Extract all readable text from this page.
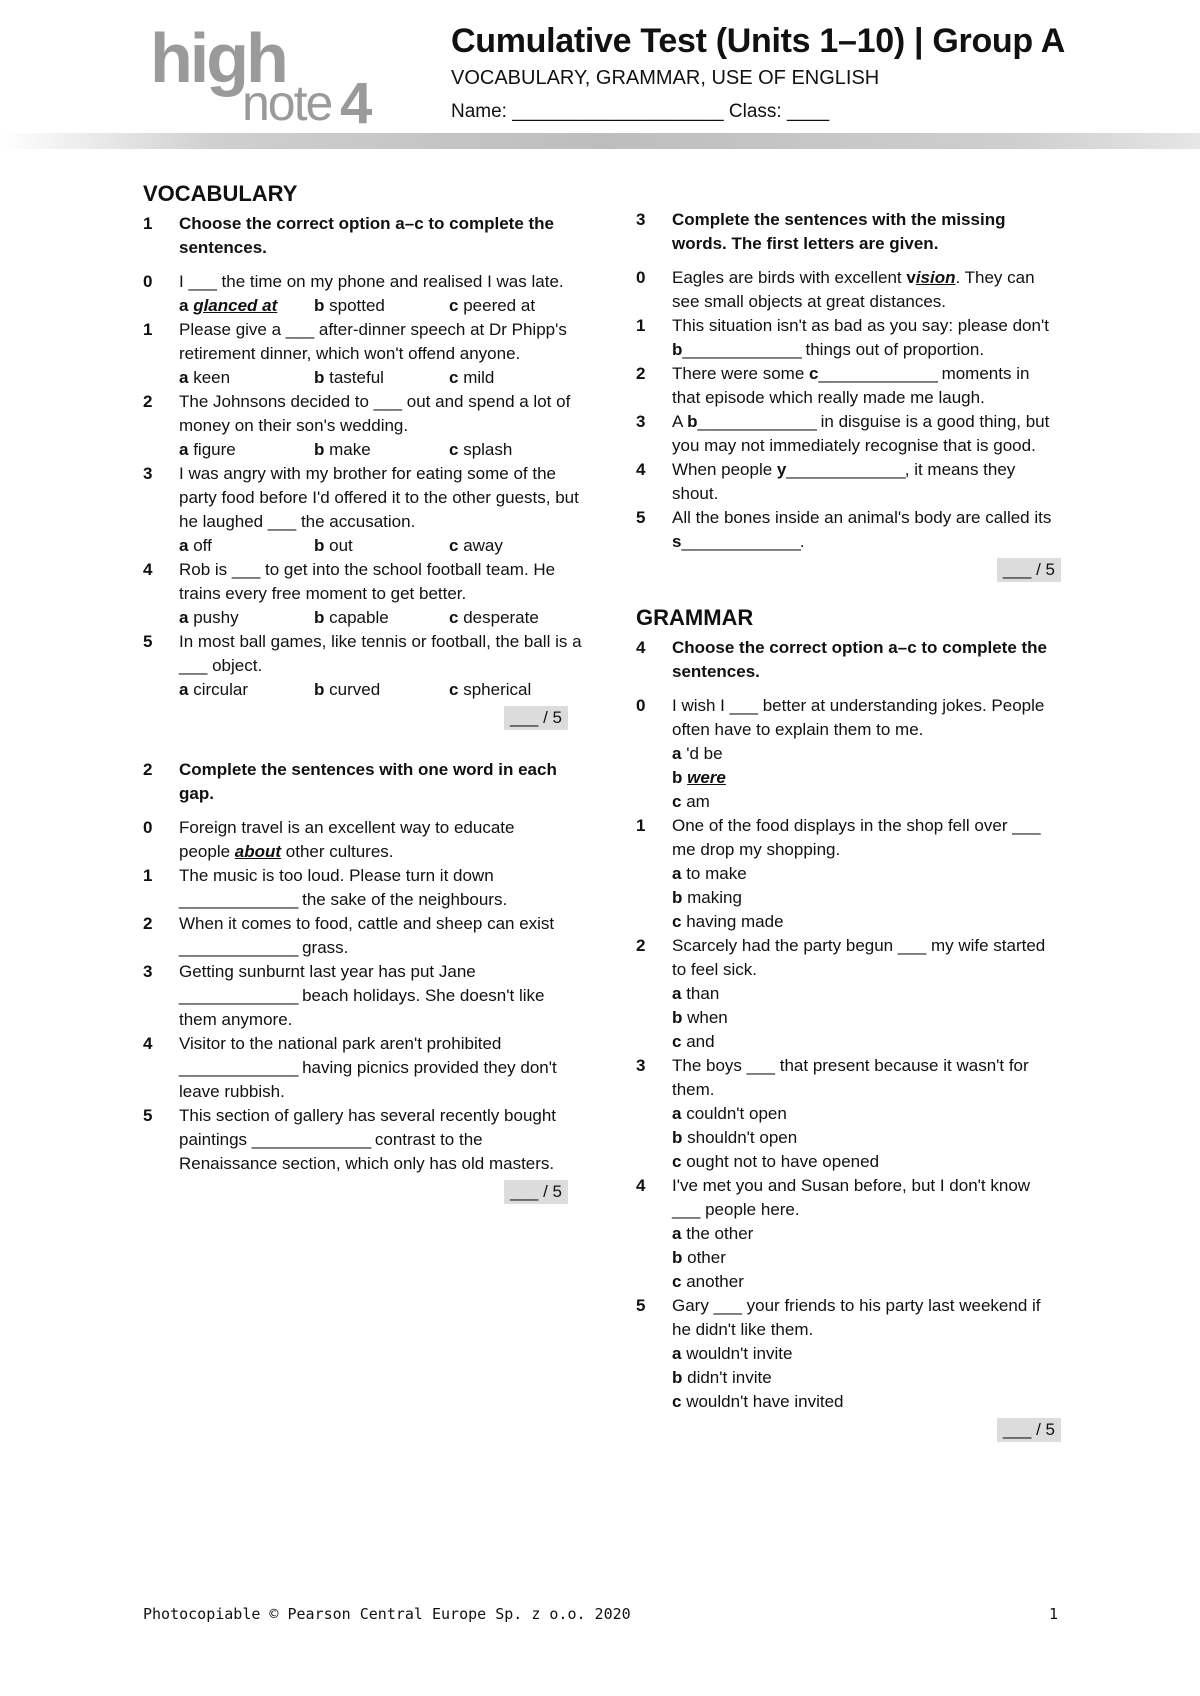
high
note 4
Cumulative Test (Units 1–10) | Group A
VOCABULARY, GRAMMAR, USE OF ENGLISH
Name: ____________________ Class: ____
VOCABULARY
1	Choose the correct option a–c to complete the sentences.
0	I ___ the time on my phone and realised I was late.
a glanced at	b spotted	c peered at
1	Please give a ___ after-dinner speech at Dr Phipp's retirement dinner, which won't offend anyone.
a keen	b tasteful	c mild
2	The Johnsons decided to ___ out and spend a lot of money on their son's wedding.
a figure	b make	c splash
3	I was angry with my brother for eating some of the party food before I'd offered it to the other guests, but he laughed ___ the accusation.
a off	b out	c away
4	Rob is ___ to get into the school football team. He trains every free moment to get better.
a pushy	b capable	c desperate
5	In most ball games, like tennis or football, the ball is a ___ object.
a circular	b curved	c spherical
___ / 5
2	Complete the sentences with one word in each gap.
0	Foreign travel is an excellent way to educate people about other cultures.
1	The music is too loud. Please turn it down ______________ the sake of the neighbours.
2	When it comes to food, cattle and sheep can exist ______________ grass.
3	Getting sunburnt last year has put Jane ______________ beach holidays. She doesn't like them anymore.
4	Visitor to the national park aren't prohibited ______________ having picnics provided they don't leave rubbish.
5	This section of gallery has several recently bought paintings ______________ contrast to the Renaissance section, which only has old masters.
___ / 5
3	Complete the sentences with the missing words. The first letters are given.
0	Eagles are birds with excellent vision. They can see small objects at great distances.
1	This situation isn't as bad as you say: please don't b______________ things out of proportion.
2	There were some c______________ moments in that episode which really made me laugh.
3	A b______________ in disguise is a good thing, but you may not immediately recognise that is good.
4	When people y______________, it means they shout.
5	All the bones inside an animal's body are called its s______________.
___ / 5
GRAMMAR
4	Choose the correct option a–c to complete the sentences.
0	I wish I ___ better at understanding jokes. People often have to explain them to me.
a 'd be
b were
c am
1	One of the food displays in the shop fell over ___ me drop my shopping.
a to make
b making
c having made
2	Scarcely had the party begun ___ my wife started to feel sick.
a than
b when
c and
3	The boys ___ that present because it wasn't for them.
a couldn't open
b shouldn't open
c ought not to have opened
4	I've met you and Susan before, but I don't know ___ people here.
a the other
b other
c another
5	Gary ___ your friends to his party last weekend if he didn't like them.
a wouldn't invite
b didn't invite
c wouldn't have invited
___ / 5
Photocopiable © Pearson Central Europe Sp. z o.o. 2020	1
